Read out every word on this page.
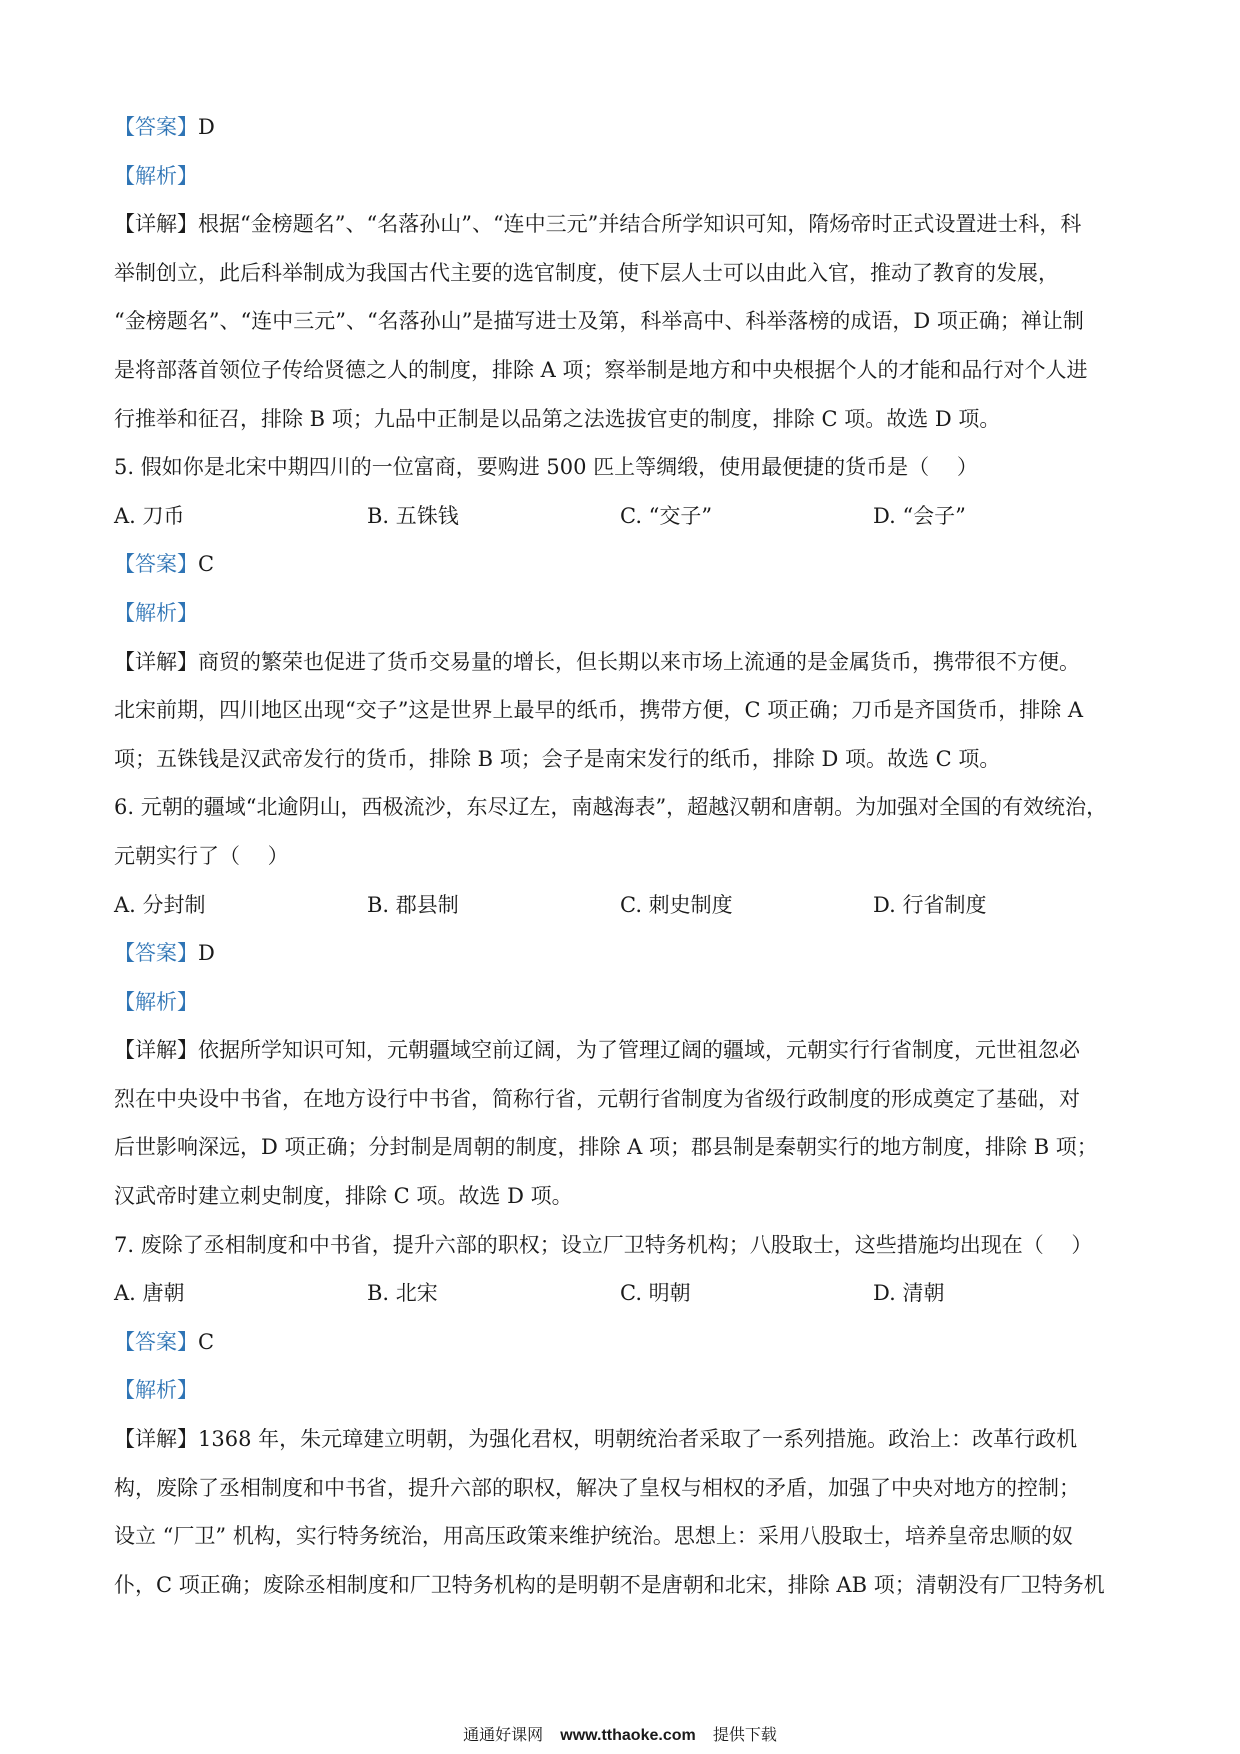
【答案】D
【解析】
【详解】根据“金榜题名”、“名落孙山”、“连中三元”并结合所学知识可知，隋炀帝时正式设置进士科，科
举制创立，此后科举制成为我国古代主要的选官制度，使下层人士可以由此入官，推动了教育的发展，
“金榜题名”、“连中三元”、“名落孙山”是描写进士及第，科举高中、科举落榜的成语，D 项正确；禅让制
是将部落首领位子传给贤德之人的制度，排除 A 项；察举制是地方和中央根据个人的才能和品行对个人进
行推举和征召，排除 B 项；九品中正制是以品第之法选拔官吏的制度，排除 C 项。故选 D 项。
5. 假如你是北宋中期四川的一位富商，要购进 500 匹上等绸缎，使用最便捷的货币是（　 ）
A. 刀币	B. 五铢钱	C. “交子”	D. “会子”
【答案】C
【解析】
【详解】商贸的繁荣也促进了货币交易量的增长，但长期以来市场上流通的是金属货币，携带很不方便。
北宋前期，四川地区出现“交子”这是世界上最早的纸币，携带方便，C 项正确；刀币是齐国货币，排除 A
项；五铢钱是汉武帝发行的货币，排除 B 项；会子是南宋发行的纸币，排除 D 项。故选 C 项。
6. 元朝的疆域“北逾阴山，西极流沙，东尽辽左，南越海表”，超越汉朝和唐朝。为加强对全国的有效统治，
元朝实行了（　 ）
A. 分封制	B. 郡县制	C. 刺史制度	D. 行省制度
【答案】D
【解析】
【详解】依据所学知识可知，元朝疆域空前辽阔，为了管理辽阔的疆域，元朝实行行省制度，元世祖忽必
烈在中央设中书省，在地方设行中书省，简称行省，元朝行省制度为省级行政制度的形成奠定了基础，对
后世影响深远，D 项正确；分封制是周朝的制度，排除 A 项；郡县制是秦朝实行的地方制度，排除 B 项；
汉武帝时建立刺史制度，排除 C 项。故选 D 项。
7. 废除了丞相制度和中书省，提升六部的职权；设立厂卫特务机构；八股取士，这些措施均出现在（　 ）
A. 唐朝	B. 北宋	C. 明朝	D. 清朝
【答案】C
【解析】
【详解】1368 年，朱元璋建立明朝，为强化君权，明朝统治者采取了一系列措施。政治上：改革行政机
构，废除了丞相制度和中书省，提升六部的职权，解决了皇权与相权的矛盾，加强了中央对地方的控制；
设立 “厂卫” 机构，实行特务统治，用高压政策来维护统治。思想上：采用八股取士，培养皇帝忠顺的奴
仆，C 项正确；废除丞相制度和厂卫特务机构的是明朝不是唐朝和北宋，排除 AB 项；清朝没有厂卫特务机
通通好课网 www.tthaoke.com 提供下载
